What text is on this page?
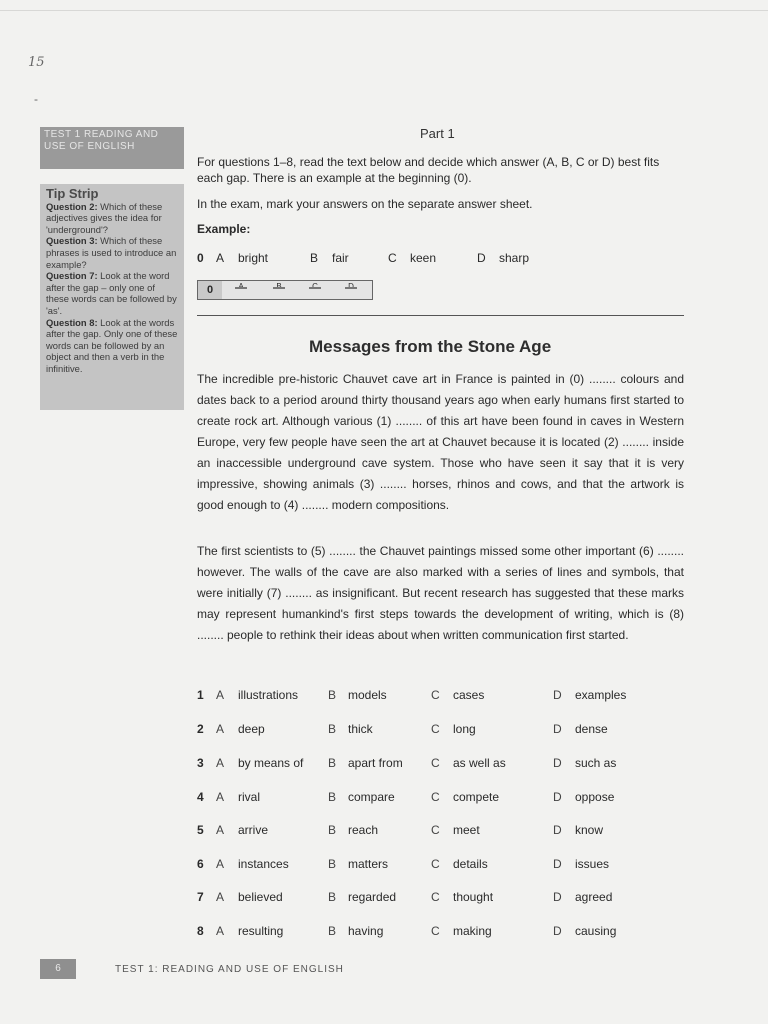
15
-
TEST 1 READING AND USE OF ENGLISH
Tip Strip

Question 2: Which of these adjectives gives the idea for 'underground'?

Question 3: Which of these phrases is used to introduce an example?

Question 7: Look at the word after the gap – only one of these words can be followed by 'as'.

Question 8: Look at the words after the gap. Only one of these words can be followed by an object and then a verb in the infinitive.

Part 1
For questions 1–8, read the text below and decide which answer (A, B, C or D) best fits each gap. There is an example at the beginning (0).
In the exam, mark your answers on the separate answer sheet.
Example:
0 A bright	B fair	C keen	D sharp
0	B	C	D
Messages from the Stone Age
The incredible pre-historic Chauvet cave art in France is painted in (0) ........ colours and dates back to a period around thirty thousand years ago when early humans first started to create rock art. Although various (1) ........ of this art have been found in caves in Western Europe, very few people have seen the art at Chauvet because it is located (2) ........ inside an inaccessible underground cave system. Those who have seen it say that it is very impressive, showing animals (3) ........ horses, rhinos and cows, and that the artwork is good enough to (4) ........ modern compositions.
The first scientists to (5) ........ the Chauvet paintings missed some other important (6) ........ however. The walls of the cave are also marked with a series of lines and symbols, that were initially (7) ........ as insignificant. But recent research has suggested that these marks may represent humankind's first steps towards the development of writing, which is (8) ........ people to rethink their ideas about when written communication first started.
1 A illustrations B models	C cases	D examples
2 A deep	B thick	C long	D dense
3 A by means of B apart from C as well as	D such as
4 A rival	B compare	C compete	D oppose
5 A arrive	B reach	C meet	D know
6 A instances	B matters	C details	D issues
7 A believed	B regarded	C thought	D agreed
8 A resulting	B having	C making	D causing
6	TEST 1: READING AND USE OF ENGLISH
